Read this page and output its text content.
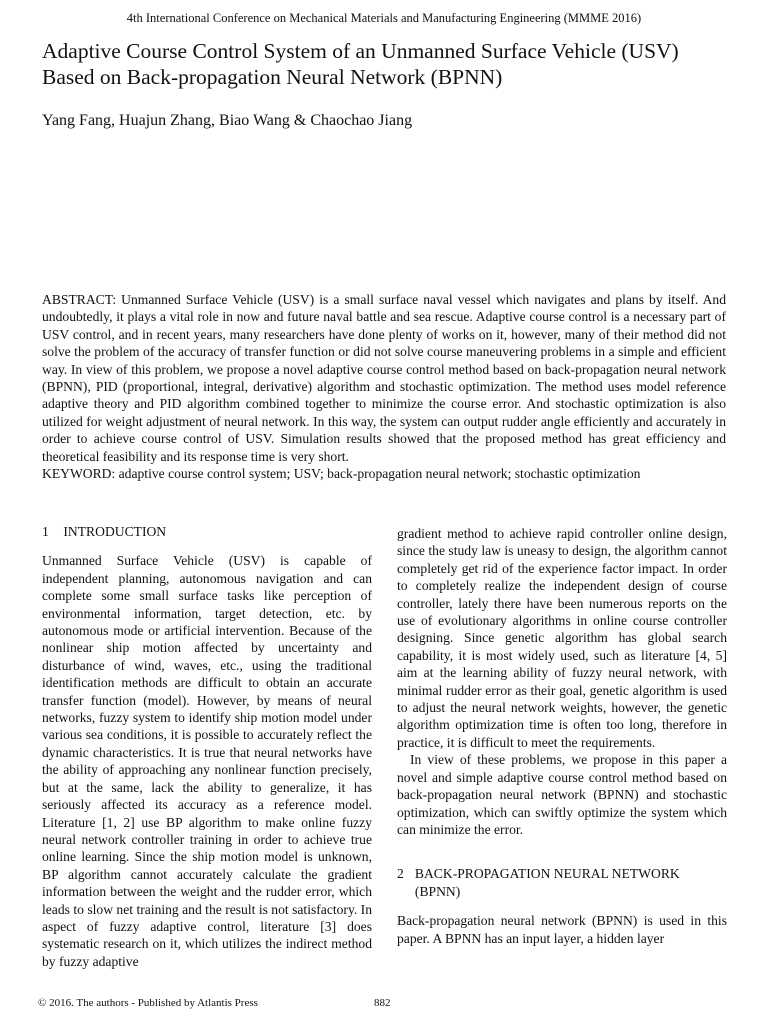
4th International Conference on Mechanical Materials and Manufacturing Engineering (MMME 2016)
Adaptive Course Control System of an Unmanned Surface Vehicle (USV) Based on Back-propagation Neural Network (BPNN)
Yang Fang, Huajun Zhang, Biao Wang & Chaochao Jiang

ABSTRACT: Unmanned Surface Vehicle (USV) is a small surface naval vessel which navigates and plans by itself. And undoubtedly, it plays a vital role in now and future naval battle and sea rescue. Adaptive course control is a necessary part of USV control, and in recent years, many researchers have done plenty of works on it, however, many of their method did not solve the problem of the accuracy of transfer function or did not solve course maneuvering problems in a simple and efficient way. In view of this problem, we propose a novel adaptive course control method based on back-propagation neural network (BPNN), PID (proportional, integral, derivative) algorithm and stochastic optimization. The method uses model reference adaptive theory and PID algorithm combined together to minimize the course error. And stochastic optimization is also utilized for weight adjustment of neural network. In this way, the system can output rudder angle efficiently and accurately in order to achieve course control of USV. Simulation results showed that the proposed method has great efficiency and theoretical feasibility and its response time is very short.

KEYWORD: adaptive course control system; USV; back-propagation neural network; stochastic optimization

1 INTRODUCTION

Unmanned Surface Vehicle (USV) is capable of independent planning, autonomous navigation and can complete some small surface tasks like perception of environmental information, target detection, etc. by autonomous mode or artificial intervention. Because of the nonlinear ship motion affected by uncertainty and disturbance of wind, waves, etc., using the traditional identification methods are difficult to obtain an accurate transfer function (model). However, by means of neural networks, fuzzy system to identify ship motion model under various sea conditions, it is possible to accurately reflect the dynamic characteristics. It is true that neural networks have the ability of approaching any nonlinear function precisely, but at the same, lack the ability to generalize, it has seriously affected its accuracy as a reference model. Literature [1, 2] use BP algorithm to make online fuzzy neural network controller training in order to achieve true online learning. Since the ship motion model is unknown, BP algorithm cannot accurately calculate the gradient information between the weight and the rudder error, which leads to slow net training and the result is not satisfactory. In aspect of fuzzy adaptive control, literature [3] does systematic research on it, which utilizes the indirect method by fuzzy adaptive

gradient method to achieve rapid controller online design, since the study law is uneasy to design, the algorithm cannot completely get rid of the experience factor impact. In order to completely realize the independent design of course controller, lately there have been numerous reports on the use of evolutionary algorithms in online course controller designing. Since genetic algorithm has global search capability, it is most widely used, such as literature [4, 5] aim at the learning ability of fuzzy neural network, with minimal rudder error as their goal, genetic algorithm is used to adjust the neural network weights, however, the genetic algorithm optimization time is often too long, therefore in practice, it is difficult to meet the requirements.

In view of these problems, we propose in this paper a novel and simple adaptive course control method based on back-propagation neural network (BPNN) and stochastic optimization, which can swiftly optimize the system which can minimize the error.

2 BACK-PROPAGATION NEURAL NETWORK (BPNN)

Back-propagation neural network (BPNN) is used in this paper. A BPNN has an input layer, a hidden layer

© 2016. The authors - Published by Atlantis Press	882
